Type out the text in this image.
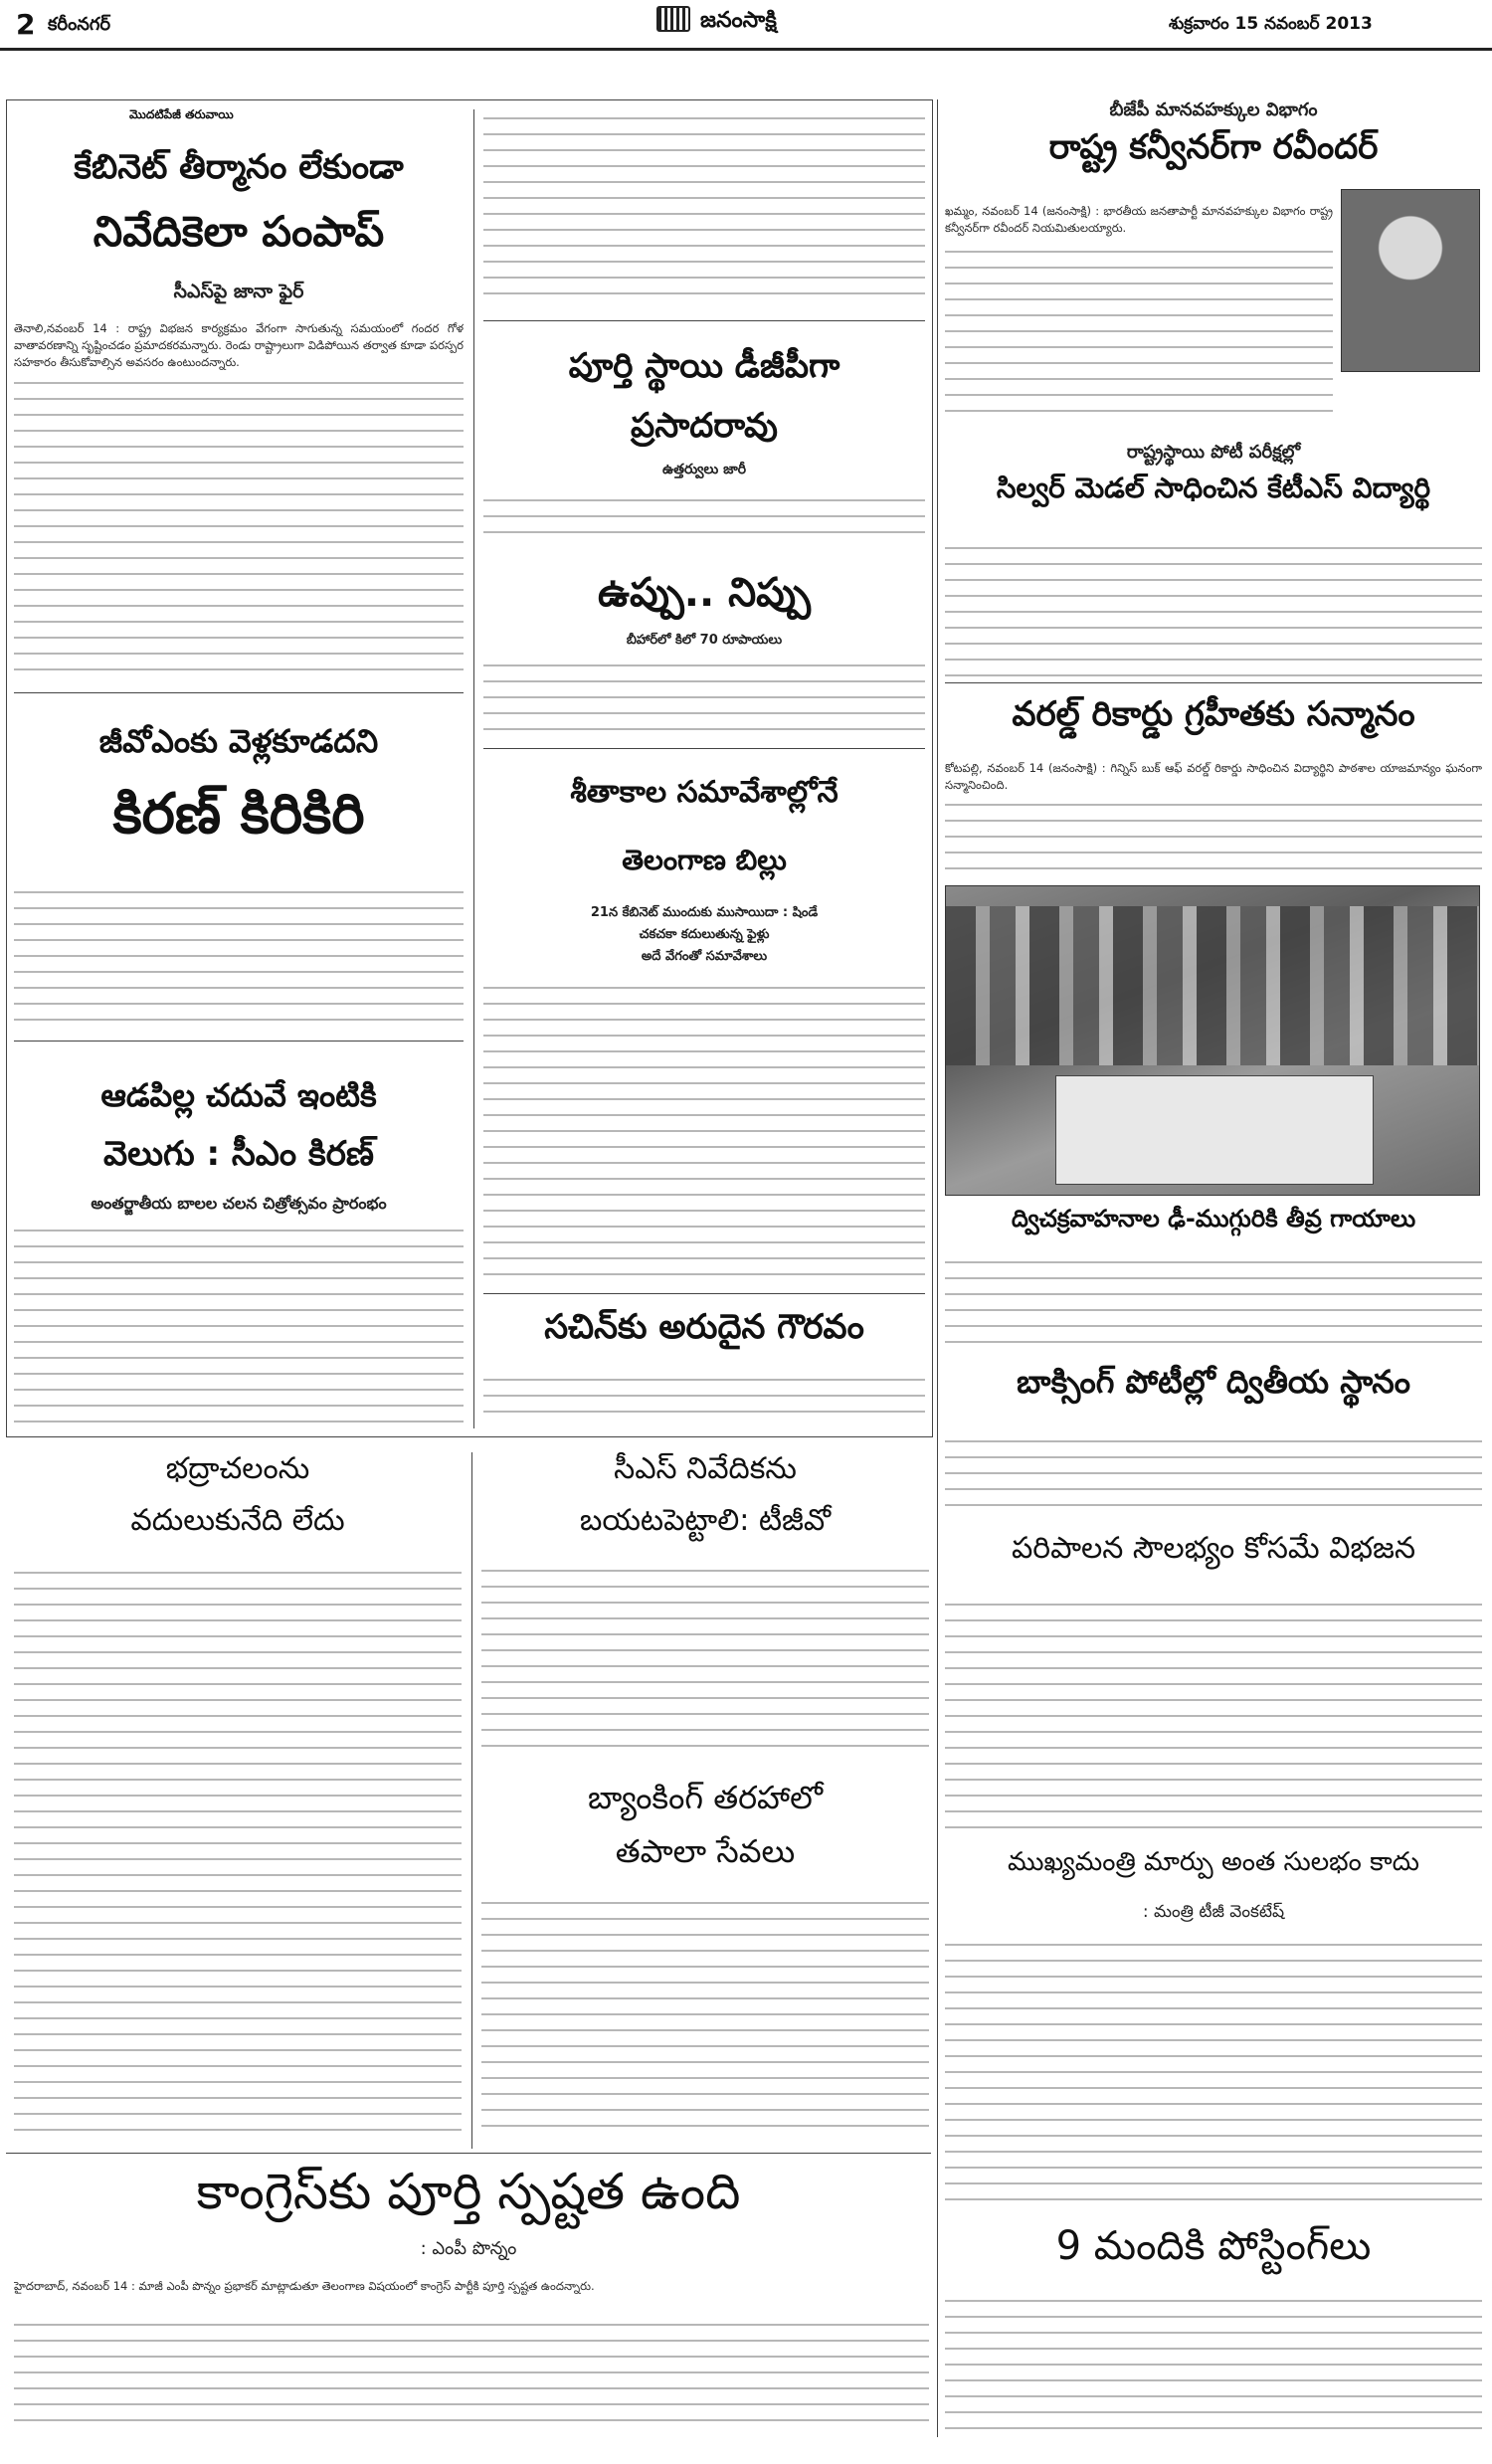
2 కరీంనగర్	జనంసాక్షి	శుక్రవారం 15 నవంబర్ 2013
మొదటిపేజీ తరువాయి
కేబినెట్ తీర్మానం లేకుండా
నివేదికెలా పంపాప్
సీఎస్‌పై జానా ఫైర్
తెనాలి,నవంబర్ 14 : రాష్ట్ర విభజన కార్యక్రమం వేగంగా సాగుతున్న సమయంలో గందర గోళ వాతావరణాన్ని సృష్టించడం ప్రమాదకరమన్నారు. రెండు రాష్ట్రాలుగా విడిపోయిన తర్వాత కూడా పరస్పర సహకారం తీసుకోవాల్సిన అవసరం ఉంటుందన్నారు.
జీవోఎంకు వెళ్లకూడదని
కిరణ్ కిరికిరి
ఆడపిల్ల చదువే ఇంటికి
వెలుగు : సీఎం కిరణ్
అంతర్జాతీయ బాలల చలన చిత్రోత్సవం ప్రారంభం
పూర్తి స్థాయి డీజీపీగా
ప్రసాదరావు
ఉత్తర్వులు జారీ
ఉప్పు.. నిప్పు
బీహార్‌లో కిలో 70 రూపాయలు
శీతాకాల సమావేశాల్లోనే
తెలంగాణ బిల్లు
21న కేబినెట్ ముందుకు ముసాయిదా : షిండే
చకచకా కదులుతున్న ఫైళ్లు
అదే వేగంతో సమావేశాలు
సచిన్‌కు అరుదైన గౌరవం
బీజేపీ మానవహక్కుల విభాగం
రాష్ట్ర కన్వీనర్‌గా రవీందర్
ఖమ్మం, నవంబర్ 14 (జనంసాక్షి) : భారతీయ జనతాపార్టీ మానవహక్కుల విభాగం రాష్ట్ర కన్వీనర్‌గా రవీందర్ నియమితులయ్యారు.
రాష్ట్రస్థాయి పోటీ పరీక్షల్లో
సిల్వర్ మెడల్ సాధించిన కేటీఎస్ విద్యార్థి
వరల్డ్ రికార్డు గ్రహీతకు సన్మానం
కోటపల్లి, నవంబర్ 14 (జనంసాక్షి) : గిన్నిస్ బుక్ ఆఫ్ వరల్డ్ రికార్డు సాధించిన విద్యార్థిని పాఠశాల యాజమాన్యం ఘనంగా సన్మానించింది.
ద్విచక్రవాహనాల ఢీ-ముగ్గురికి తీవ్ర గాయాలు
బాక్సింగ్ పోటీల్లో ద్వితీయ స్థానం
భద్రాచలంను
వదులుకునేది లేదు
సీఎస్ నివేదికను
బయటపెట్టాలి: టీజీవో
బ్యాంకింగ్ తరహాలో
తపాలా సేవలు
కాంగ్రెస్‌కు పూర్తి స్పష్టత ఉంది
: ఎంపీ పొన్నం
హైదరాబాద్, నవంబర్ 14 : మాజీ ఎంపీ పొన్నం ప్రభాకర్ మాట్లాడుతూ తెలంగాణ విషయంలో కాంగ్రెస్ పార్టీకి పూర్తి స్పష్టత ఉందన్నారు.
పరిపాలన సౌలభ్యం కోసమే విభజన
ముఖ్యమంత్రి మార్పు అంత సులభం కాదు
: మంత్రి టీజీ వెంకటేష్
9 మందికి పోస్టింగ్‌లు
